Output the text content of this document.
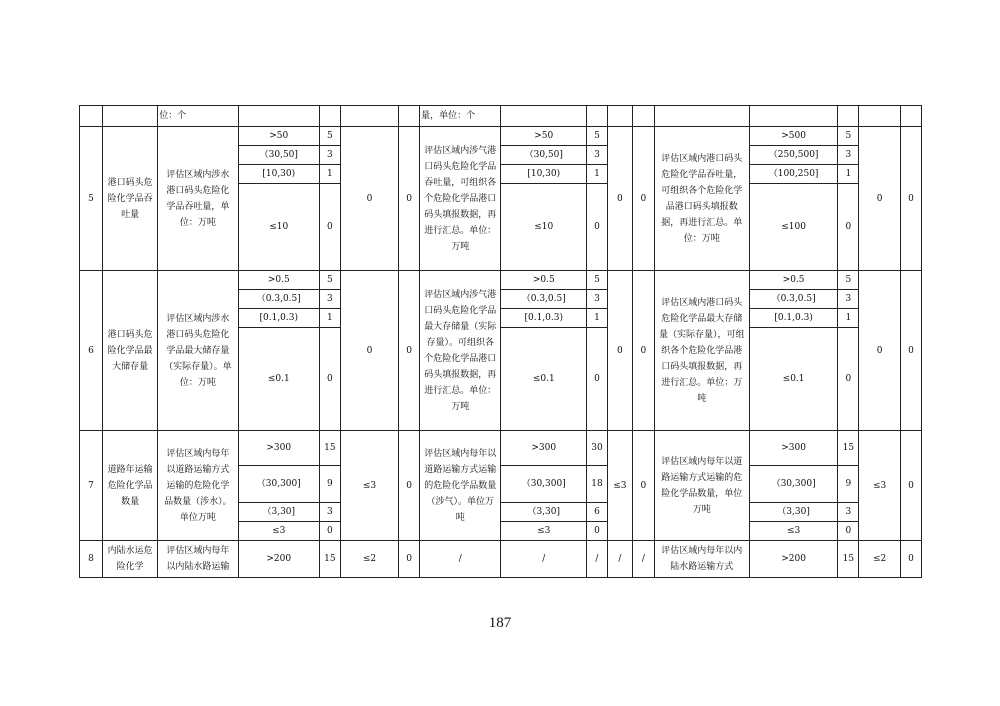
		位：个					量，单位：个									
5	港口码头危险化学品吞吐量	评估区域内涉水港口码头危险化学品吞吐量，单位：万吨	>50	5	0	0	评估区域内涉气港口码头危险化学品吞吐量，可组织各个危险化学品港口码头填报数据，再进行汇总。单位：万吨	>50	5	0	0	评估区域内港口码头危险化学品吞吐量，可组织各个危险化学品港口码头填报数据，再进行汇总。单位：万吨	>500	5	0	0
			（30,50]	3				（30,50]	3				（250,500]	3		
			[10,30)	1				[10,30)	1				（100,250]	1		
			≤10	0				≤10	0				≤100	0		
6	港口码头危险化学品最大储存量	评估区域内涉水港口码头危险化学品最大储存量（实际存量）。单位：万吨	>0.5	5	0	0	评估区域内涉气港口码头危险化学品最大存储量（实际存量）。可组织各个危险化学品港口码头填报数据，再进行汇总。单位：万吨	>0.5	5	0	0	评估区域内港口码头危险化学品最大存储量（实际存量），可组织各个危险化学品港口码头填报数据，再进行汇总。单位：万吨	>0.5	5	0	0
			（0.3,0.5]	3				（0.3,0.5]	3				（0.3,0.5]	3		
			[0.1,0.3)	1				[0.1,0.3)	1				[0.1,0.3)	1		
			≤0.1	0				≤0.1	0				≤0.1	0		
7	道路年运输危险化学品数量	评估区域内每年以道路运输方式运输的危险化学品数量（涉水）。单位万吨	>300	15	≤3	0	评估区域内每年以道路运输方式运输的危险化学品数量（涉气）。单位万吨	>300	30	≤3	0	评估区域内每年以道路运输方式运输的危险化学品数量，单位万吨	>300	15	≤3	0
			（30,300]	9				（30,300]	18				（30,300]	9		
			（3,30]	3				（3,30]	6				（3,30]	3		
			≤3	0				≤3	0				≤3	0		
8	内陆水运危险化学	评估区域内每年以内陆水路运输	>200	15	≤2	0	/	/	/	/	/	评估区域内每年以内陆水路运输方式	>200	15	≤2	0
187
